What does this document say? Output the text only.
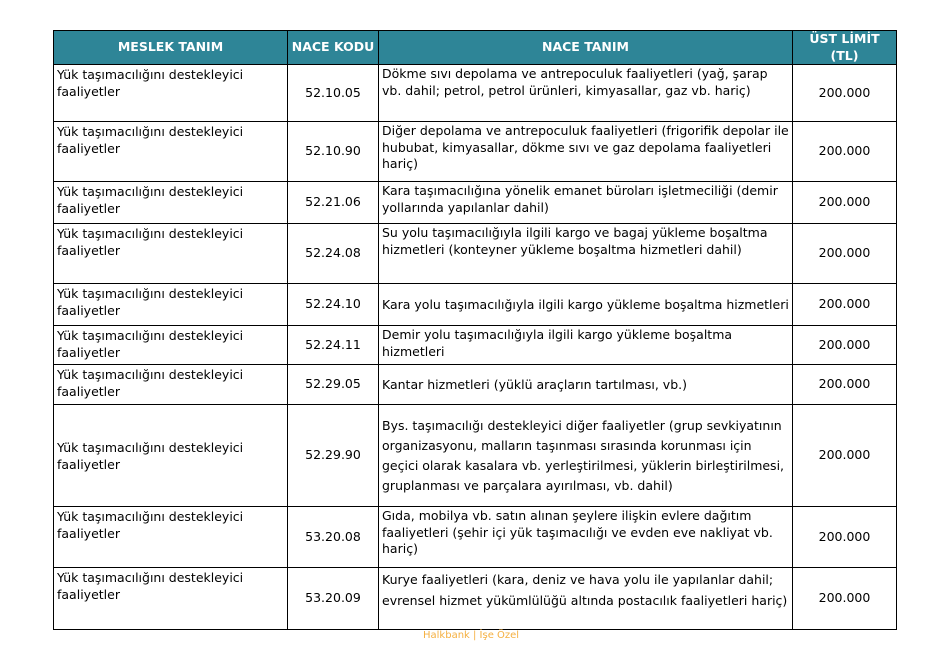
MESLEK TANIM	NACE KODU	NACE TANIM	ÜST LİMİT (TL)
Yük taşımacılığını destekleyici faaliyetler	52.10.05	Dökme sıvı depolama ve antrepoculuk faaliyetleri (yağ, şarap vb. dahil; petrol, petrol ürünleri, kimyasallar, gaz vb. hariç)	200.000
Yük taşımacılığını destekleyici faaliyetler	52.10.90	Diğer depolama ve antrepoculuk faaliyetleri (frigorifik depolar ile hububat, kimyasallar, dökme sıvı ve gaz depolama faaliyetleri hariç)	200.000
Yük taşımacılığını destekleyici faaliyetler	52.21.06	Kara taşımacılığına yönelik emanet büroları işletmeciliği (demir yollarında yapılanlar dahil)	200.000
Yük taşımacılığını destekleyici faaliyetler	52.24.08	Su yolu taşımacılığıyla ilgili kargo ve bagaj yükleme boşaltma hizmetleri (konteyner yükleme boşaltma hizmetleri dahil)	200.000
Yük taşımacılığını destekleyici faaliyetler	52.24.10	Kara yolu taşımacılığıyla ilgili kargo yükleme boşaltma hizmetleri	200.000
Yük taşımacılığını destekleyici faaliyetler	52.24.11	Demir yolu taşımacılığıyla ilgili kargo yükleme boşaltma hizmetleri	200.000
Yük taşımacılığını destekleyici faaliyetler	52.29.05	Kantar hizmetleri (yüklü araçların tartılması, vb.)	200.000
Yük taşımacılığını destekleyici faaliyetler	52.29.90	Bys. taşımacılığı destekleyici diğer faaliyetler (grup sevkiyatının organizasyonu, malların taşınması sırasında korunması için geçici olarak kasalara vb. yerleştirilmesi, yüklerin birleştirilmesi, gruplanması ve parçalara ayırılması, vb. dahil)	200.000
Yük taşımacılığını destekleyici faaliyetler	53.20.08	Gıda, mobilya vb. satın alınan şeylere ilişkin evlere dağıtım faaliyetleri (şehir içi yük taşımacılığı ve evden eve nakliyat vb. hariç)	200.000
Yük taşımacılığını destekleyici faaliyetler	53.20.09	Kurye faaliyetleri (kara, deniz ve hava yolu ile yapılanlar dahil; evrensel hizmet yükümlülüğü altında postacılık faaliyetleri hariç)	200.000
Halkbank | İşe Özel
